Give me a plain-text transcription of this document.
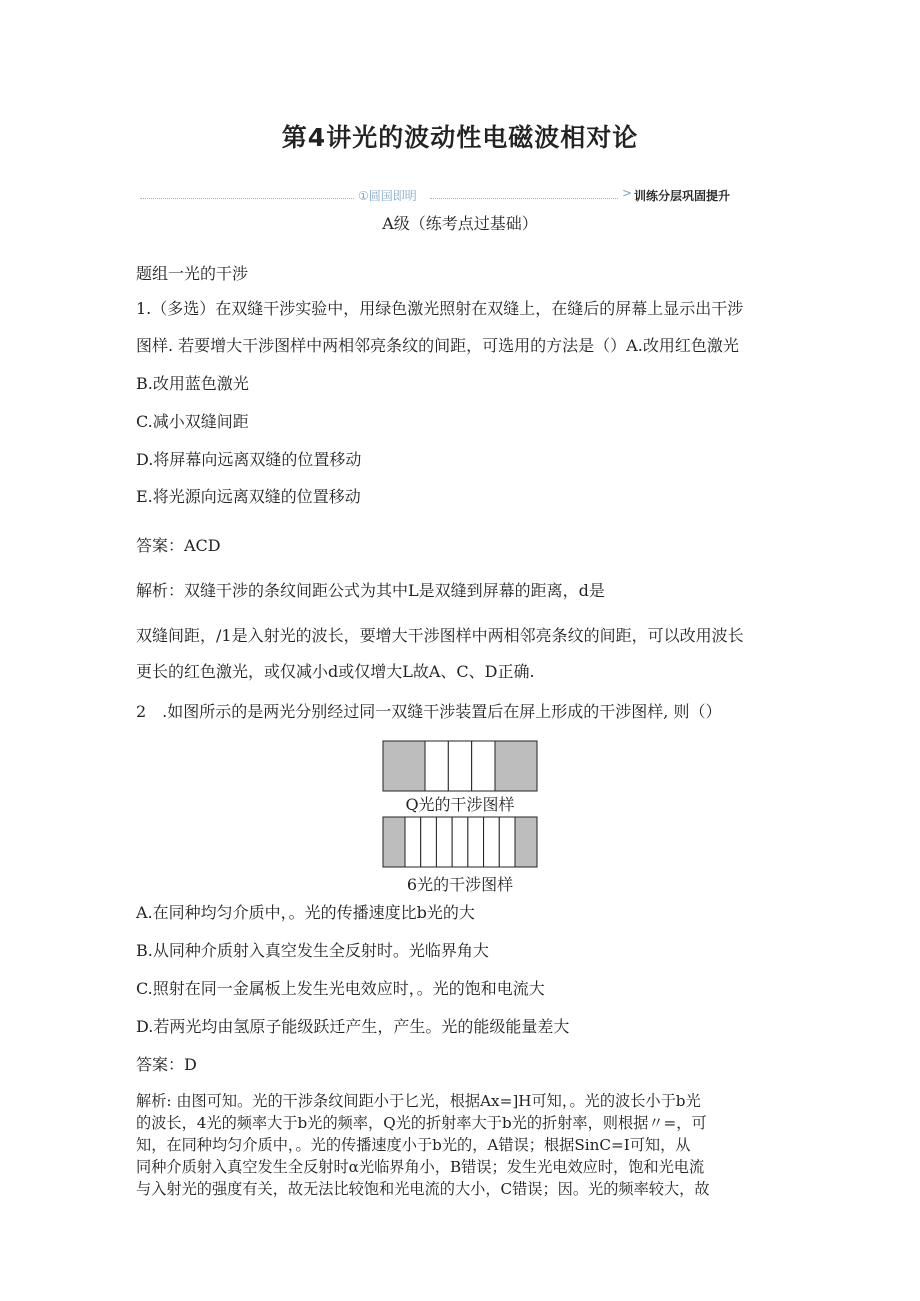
第4讲光的波动性电磁波相对论
①圆国即明	> 训练分层巩固提升
A级（练考点过基础）
题组一光的干涉
1.（多选）在双缝干涉实验中，用绿色激光照射在双缝上，在缝后的屏幕上显示出干涉
图样. 若要增大干涉图样中两相邻亮条纹的间距，可选用的方法是（）A.改用红色激光
B.改用蓝色激光
C.减小双缝间距
D.将屏幕向远离双缝的位置移动
E.将光源向远离双缝的位置移动
答案：ACD
解析：双缝干涉的条纹间距公式为其中L是双缝到屏幕的距离，d是
双缝间距，/1是入射光的波长，要增大干涉图样中两相邻亮条纹的间距，可以改用波长
更长的红色激光，或仅减小d或仅增大L故A、C、D正确.
2　.如图所示的是两光分别经过同一双缝干涉装置后在屏上形成的干涉图样, 则（）
Q光的干涉图样
6光的干涉图样
A.在同种均匀介质中，。光的传播速度比b光的大
B.从同种介质射入真空发生全反射时。光临界角大
C.照射在同一金属板上发生光电效应时，。光的饱和电流大
D.若两光均由氢原子能级跃迁产生，产生。光的能级能量差大
答案：D
解析: 由图可知。光的干涉条纹间距小于匕光，根据Ax=]H可知，。光的波长小于b光
的波长，4光的频率大于b光的频率，Q光的折射率大于b光的折射率，则根据〃=，可
知，在同种均匀介质中，。光的传播速度小于b光的，A错误；根据SinC=I可知，从
同种介质射入真空发生全反射时α光临界角小，B错误；发生光电效应时，饱和光电流
与入射光的强度有关，故无法比较饱和光电流的大小，C错误；因。光的频率较大，故
